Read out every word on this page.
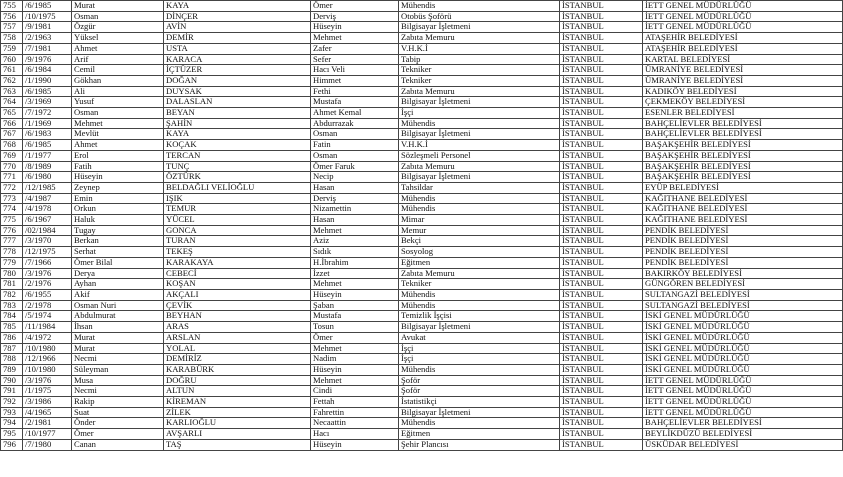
755	/6/1985	Murat	KAYA	Ömer	Mühendis	İSTANBUL	İETT GENEL MÜDÜRLÜĞÜ
756	/10/1975	Osman	DİNÇER	Derviş	Otobüs Şoförü	İSTANBUL	İETT GENEL MÜDÜRLÜĞÜ
757	/9/1981	Özgür	AVİN	Hüseyin	Bilgisayar İşletmeni	İSTANBUL	İETT GENEL MÜDÜRLÜĞÜ
758	/2/1963	Yüksel	DEMİR	Mehmet	Zabıta Memuru	İSTANBUL	ATAŞEHİR BELEDİYESİ
759	/7/1981	Ahmet	USTA	Zafer	V.H.K.İ	İSTANBUL	ATAŞEHİR BELEDİYESİ
760	/9/1976	Arif	KARACA	Sefer	Tabip	İSTANBUL	KARTAL BELEDİYESİ
761	/6/1984	Cemil	İÇTÜZER	Hacı Veli	Tekniker	İSTANBUL	ÜMRANİYE BELEDİYESİ
762	/1/1990	Gökhan	DOĞAN	Himmet	Tekniker	İSTANBUL	ÜMRANİYE BELEDİYESİ
763	/6/1985	Ali	DUYSAK	Fethi	Zabıta Memuru	İSTANBUL	KADIKÖY BELEDİYESİ
764	/3/1969	Yusuf	DALASLAN	Mustafa	Bilgisayar İşletmeni	İSTANBUL	ÇEKMEKÖY BELEDİYESİ
765	/7/1972	Osman	BEYAN	Ahmet Kemal	İşçi	İSTANBUL	ESENLER BELEDİYESİ
766	/1/1969	Mehmet	ŞAHİN	Abdurrazak	Mühendis	İSTANBUL	BAHÇELİEVLER BELEDİYESİ
767	/6/1983	Mevlüt	KAYA	Osman	Bilgisayar İşletmeni	İSTANBUL	BAHÇELİEVLER BELEDİYESİ
768	/6/1985	Ahmet	KOÇAK	Fatin	V.H.K.İ	İSTANBUL	BAŞAKŞEHİR BELEDİYESİ
769	/1/1977	Erol	TERCAN	Osman	Sözleşmeli Personel	İSTANBUL	BAŞAKŞEHİR BELEDİYESİ
770	/8/1989	Fatih	TUNÇ	Ömer Faruk	Zabıta Memuru	İSTANBUL	BAŞAKŞEHİR BELEDİYESİ
771	/6/1980	Hüseyin	ÖZTÜRK	Necip	Bilgisayar İşletmeni	İSTANBUL	BAŞAKŞEHİR BELEDİYESİ
772	/12/1985	Zeynep	BELDAĞLI VELİOĞLU	Hasan	Tahsildar	İSTANBUL	EYÜP BELEDİYESİ
773	/4/1987	Emin	IŞIK	Derviş	Mühendis	İSTANBUL	KAĞITHANE BELEDİYESİ
774	/4/1978	Orkun	TEMUR	Nizamettin	Mühendis	İSTANBUL	KAĞITHANE BELEDİYESİ
775	/6/1967	Haluk	YÜCEL	Hasan	Mimar	İSTANBUL	KAĞITHANE BELEDİYESİ
776	/02/1984	Tugay	GONCA	Mehmet	Memur	İSTANBUL	PENDİK BELEDİYESİ
777	/3/1970	Berkan	TURAN	Aziz	Bekçi	İSTANBUL	PENDİK BELEDİYESİ
778	/12/1975	Serhat	TEKEŞ	Sıdık	Sosyolog	İSTANBUL	PENDİK BELEDİYESİ
779	/7/1966	Ömer Bilal	KARAKAYA	H.İbrahim	Eğitmen	İSTANBUL	PENDİK BELEDİYESİ
780	/3/1976	Derya	CEBECİ	İzzet	Zabıta Memuru	İSTANBUL	BAKIRKÖY BELEDİYESİ
781	/2/1976	Ayhan	KOŞAN	Mehmet	Tekniker	İSTANBUL	GÜNGÖREN BELEDİYESİ
782	/6/1955	Akif	AKÇALI	Hüseyin	Mühendis	İSTANBUL	SULTANGAZİ BELEDİYESİ
783	/2/1978	Osman Nuri	ÇEVİK	Şaban	Mühendis	İSTANBUL	SULTANGAZİ BELEDİYESİ
784	/5/1974	Abdulmurat	BEYHAN	Mustafa	Temizlik İşçisi	İSTANBUL	İSKİ GENEL MÜDÜRLÜĞÜ
785	/11/1984	İhsan	ARAS	Tosun	Bilgisayar İşletmeni	İSTANBUL	İSKİ GENEL MÜDÜRLÜĞÜ
786	/4/1972	Murat	ARSLAN	Ömer	Avukat	İSTANBUL	İSKİ GENEL MÜDÜRLÜĞÜ
787	/10/1980	Murat	YOLAL	Mehmet	İşçi	İSTANBUL	İSKİ GENEL MÜDÜRLÜĞÜ
788	/12/1966	Necmi	DEMİRİZ	Nadim	İşçi	İSTANBUL	İSKİ GENEL MÜDÜRLÜĞÜ
789	/10/1980	Süleyman	KARABÜRK	Hüseyin	Mühendis	İSTANBUL	İSKİ GENEL MÜDÜRLÜĞÜ
790	/3/1976	Musa	DOĞRU	Mehmet	Şoför	İSTANBUL	İETT GENEL MÜDÜRLÜĞÜ
791	/1/1975	Necmi	ALTUN	Cindi	Şoför	İSTANBUL	İETT GENEL MÜDÜRLÜĞÜ
792	/3/1986	Rakip	KİREMAN	Fettah	İstatistikçi	İSTANBUL	İETT GENEL MÜDÜRLÜĞÜ
793	/4/1965	Suat	ZİLEK	Fahrettin	Bilgisayar İşletmeni	İSTANBUL	İETT GENEL MÜDÜRLÜĞÜ
794	/2/1981	Önder	KARLIOĞLU	Necaattin	Mühendis	İSTANBUL	BAHÇELİEVLER BELEDİYESİ
795	/10/1977	Ömer	AVŞARLI	Hacı	Eğitmen	İSTANBUL	BEYLİKDÜZÜ BELEDİYESİ
796	/7/1980	Canan	TAŞ	Hüseyin	Şehir Plancısı	İSTANBUL	ÜSKÜDAR BELEDİYESİ
